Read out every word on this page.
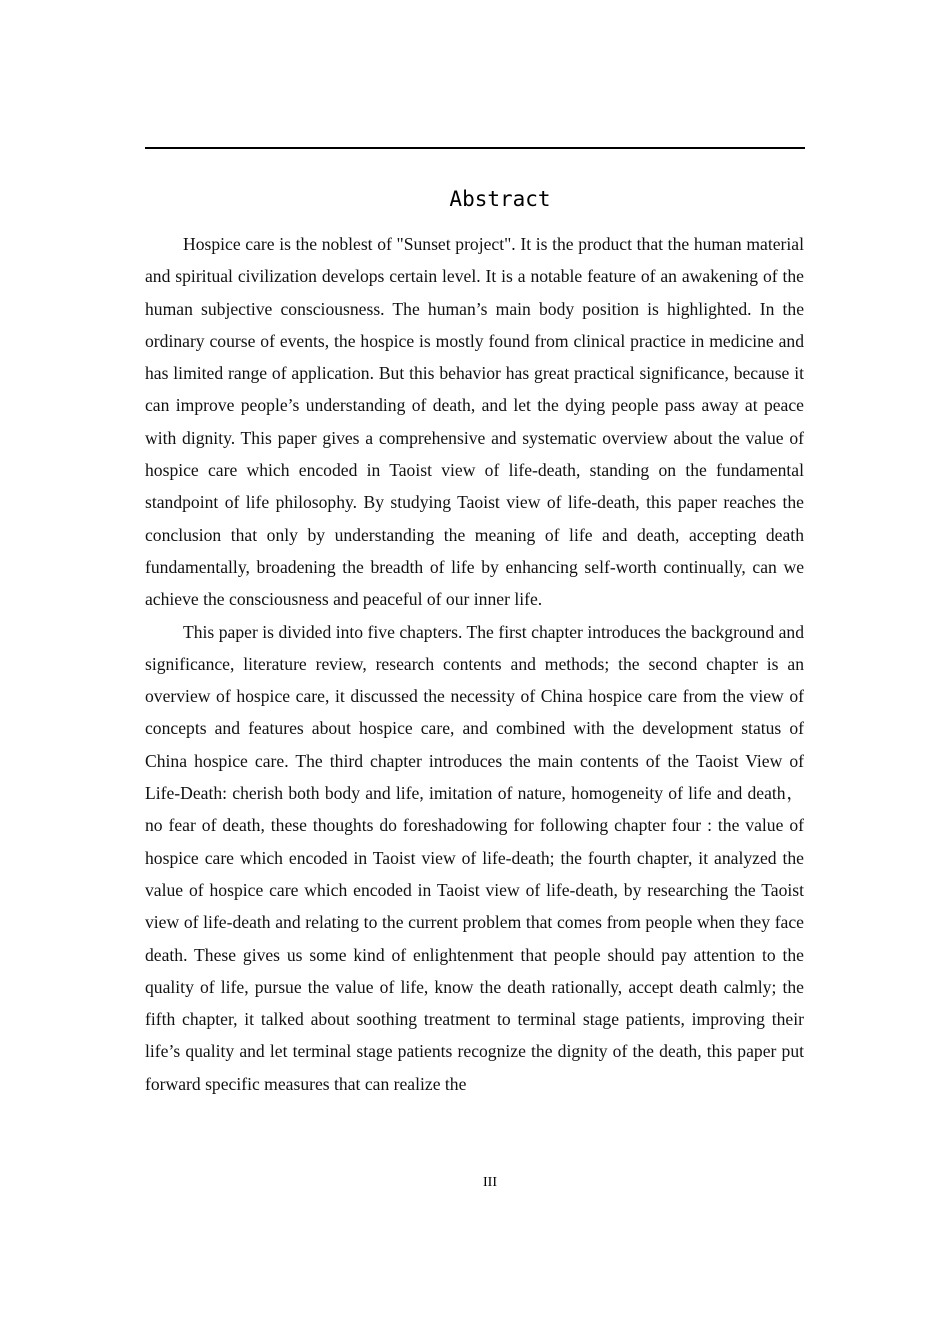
Abstract

Hospice care is the noblest of "Sunset project". It is the product that the human material and spiritual civilization develops certain level. It is a notable feature of an awakening of the human subjective consciousness. The human’s main body position is highlighted. In the ordinary course of events, the hospice is mostly found from clinical practice in medicine and has limited range of application. But this behavior has great practical significance, because it can improve people’s understanding of death, and let the dying people pass away at peace with dignity. This paper gives a comprehensive and systematic overview about the value of hospice care which encoded in Taoist view of life-death, standing on the fundamental standpoint of life philosophy. By studying Taoist view of life-death, this paper reaches the conclusion that only by understanding the meaning of life and death, accepting death fundamentally, broadening the breadth of life by enhancing self-worth continually, can we achieve the consciousness and peaceful of our inner life.

This paper is divided into five chapters. The first chapter introduces the background and significance, literature review, research contents and methods; the second chapter is an overview of hospice care, it discussed the necessity of China hospice care from the view of concepts and features about hospice care, and combined with the development status of China hospice care. The third chapter introduces the main contents of the Taoist View of Life-Death: cherish both body and life, imitation of nature, homogeneity of life and death， no fear of death, these thoughts do foreshadowing for following chapter four : the value of hospice care which encoded in Taoist view of life-death; the fourth chapter, it analyzed the value of hospice care which encoded in Taoist view of life-death, by researching the Taoist view of life-death and relating to the current problem that comes from people when they face death. These gives us some kind of enlightenment that people should pay attention to the quality of life, pursue the value of life, know the death rationally, accept death calmly; the fifth chapter, it talked about soothing treatment to terminal stage patients, improving their life’s quality and let terminal stage patients recognize the dignity of the death, this paper put forward specific measures that can realize the

III
